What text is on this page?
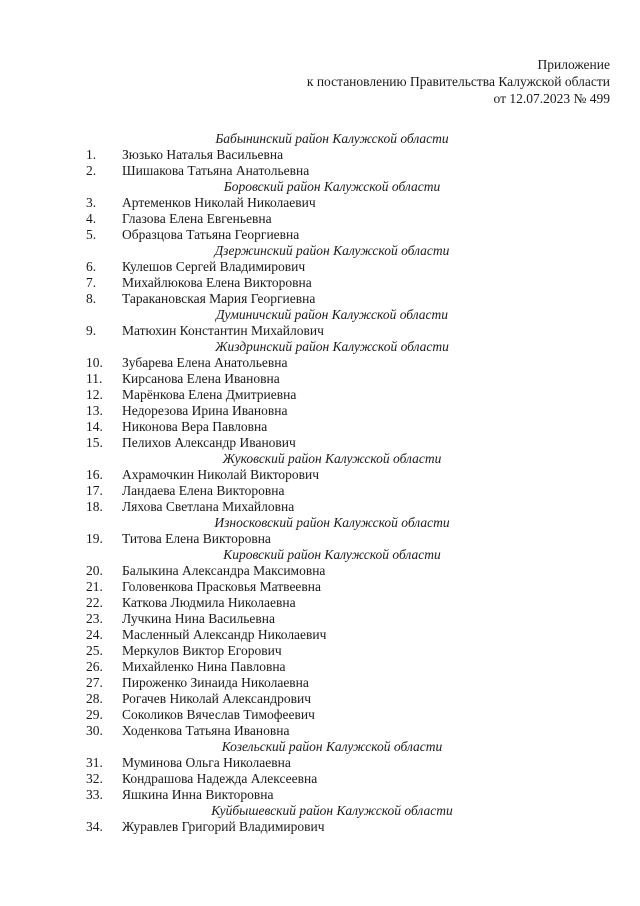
Приложение
к постановлению Правительства Калужской области
от 12.07.2023 № 499
Бабынинский район Калужской области
1.	Зюзько Наталья Васильевна
2.	Шишакова Татьяна Анатольевна
Боровский район Калужской области
3.	Артеменков Николай Николаевич
4.	Глазова Елена Евгеньевна
5.	Образцова Татьяна Георгиевна
Дзержинский район Калужской области
6.	Кулешов Сергей Владимирович
7.	Михайлюкова Елена Викторовна
8.	Таракановская Мария Георгиевна
Думиничский район Калужской области
9.	Матюхин Константин Михайлович
Жиздринский район Калужской области
10.	Зубарева Елена Анатольевна
11.	Кирсанова Елена Ивановна
12.	Марёнкова Елена Дмитриевна
13.	Недорезова Ирина Ивановна
14.	Никонова Вера Павловна
15.	Пелихов Александр Иванович
Жуковский район Калужской области
16.	Ахрамочкин Николай Викторович
17.	Ландаева Елена Викторовна
18.	Ляхова Светлана Михайловна
Износковский район Калужской области
19.	Титова Елена Викторовна
Кировский район Калужской области
20.	Балыкина Александра Максимовна
21.	Головенкова Прасковья Матвеевна
22.	Каткова Людмила Николаевна
23.	Лучкина Нина Васильевна
24.	Масленный Александр Николаевич
25.	Меркулов Виктор Егорович
26.	Михайленко Нина Павловна
27.	Пироженко Зинаида Николаевна
28.	Рогачев Николай Александрович
29.	Соколиков Вячеслав Тимофеевич
30.	Ходенкова Татьяна Ивановна
Козельский район Калужской области
31.	Муминова Ольга Николаевна
32.	Кондрашова Надежда Алексеевна
33.	Яшкина Инна Викторовна
Куйбышевский район Калужской области
34.	Журавлев Григорий Владимирович
